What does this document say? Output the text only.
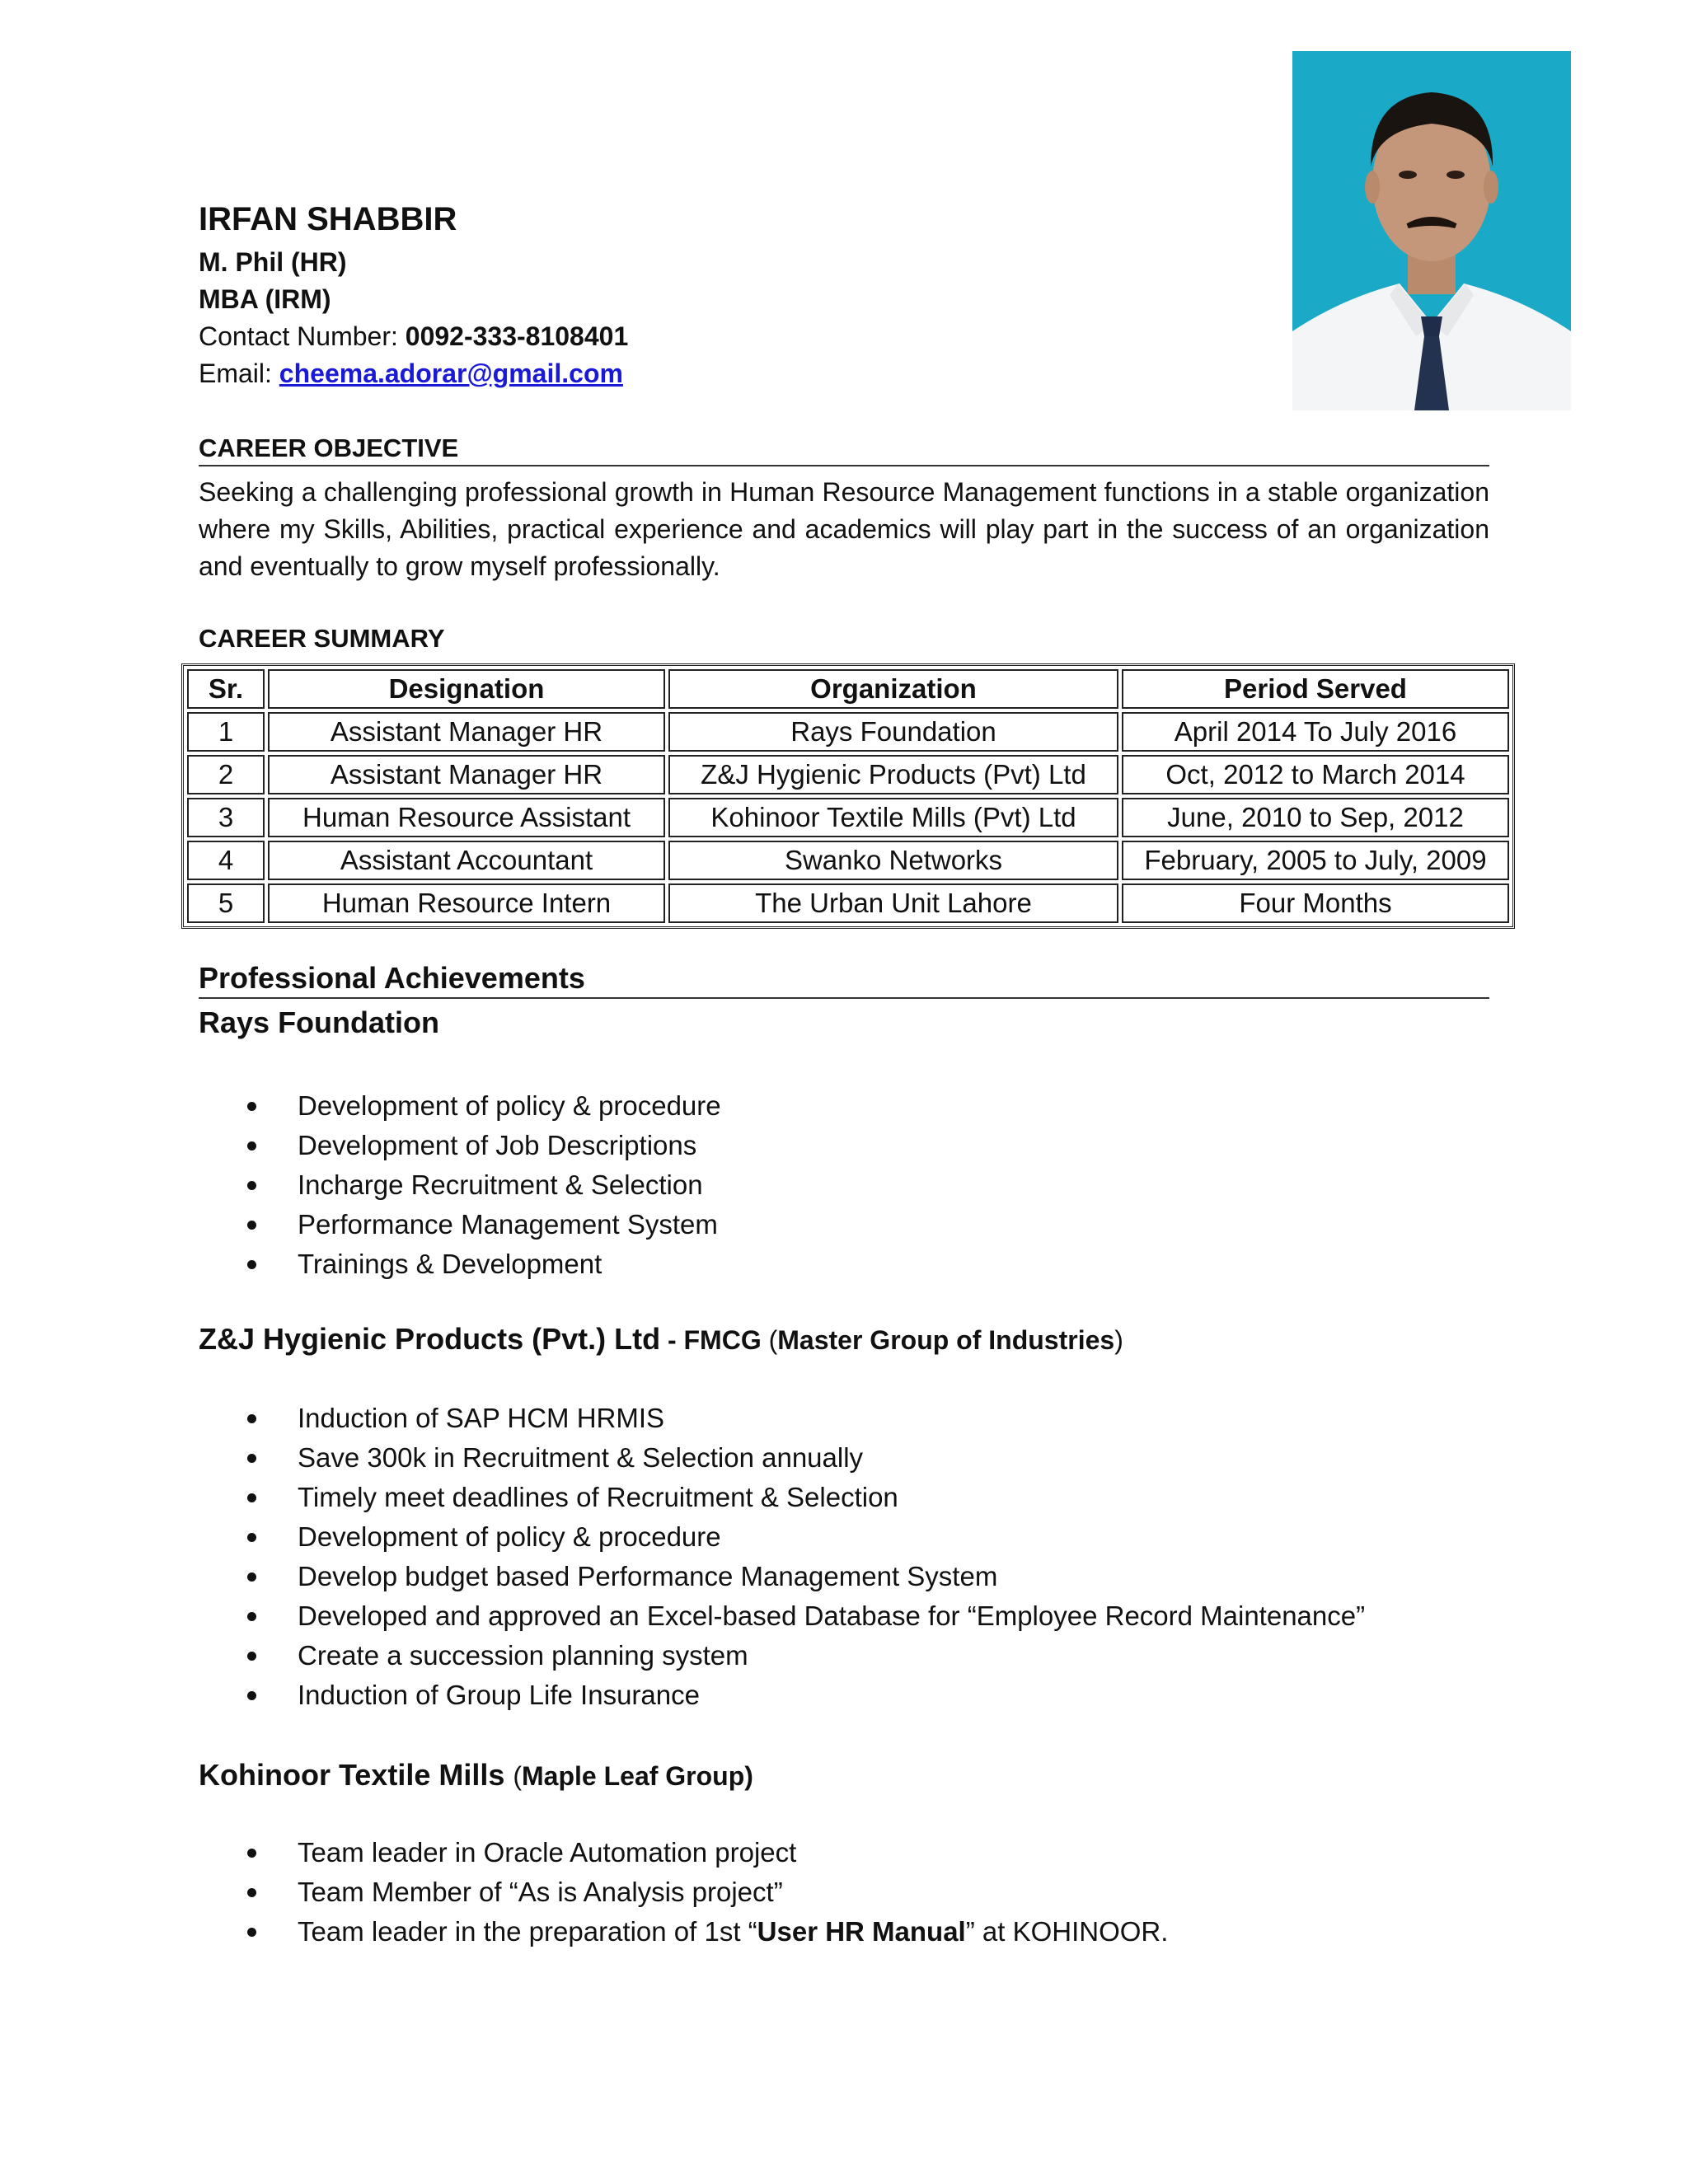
IRFAN SHABBIR
M. Phil (HR)
MBA (IRM)
Contact Number: 0092-333-8108401
Email: cheema.adorar@gmail.com
CAREER OBJECTIVE
Seeking a challenging professional growth in Human Resource Management functions in a stable organization where my Skills, Abilities, practical experience and academics will play part in the success of an organization and eventually to grow myself professionally.
CAREER SUMMARY
Sr.	Designation	Organization	Period Served
1	Assistant Manager HR	Rays Foundation	April 2014 To July 2016
2	Assistant Manager HR	Z&J Hygienic Products (Pvt) Ltd	Oct, 2012 to March 2014
3	Human Resource Assistant	Kohinoor Textile Mills (Pvt) Ltd	June, 2010 to Sep, 2012
4	Assistant Accountant	Swanko Networks	February, 2005 to July, 2009
5	Human Resource Intern	The Urban Unit Lahore	Four Months
Professional Achievements
Rays Foundation
Development of policy & procedure
Development of Job Descriptions
Incharge Recruitment & Selection
Performance Management System
Trainings & Development
Z&J Hygienic Products (Pvt.) Ltd - FMCG (Master Group of Industries)
Induction of SAP HCM HRMIS
Save 300k in Recruitment & Selection annually
Timely meet deadlines of Recruitment & Selection
Development of policy & procedure
Develop budget based Performance Management System
Developed and approved an Excel-based Database for “Employee Record Maintenance”
Create a succession planning system
Induction of Group Life Insurance
Kohinoor Textile Mills (Maple Leaf Group)
Team leader in Oracle Automation project
Team Member of “As is Analysis project”
Team leader in the preparation of 1st “User HR Manual” at KOHINOOR.
